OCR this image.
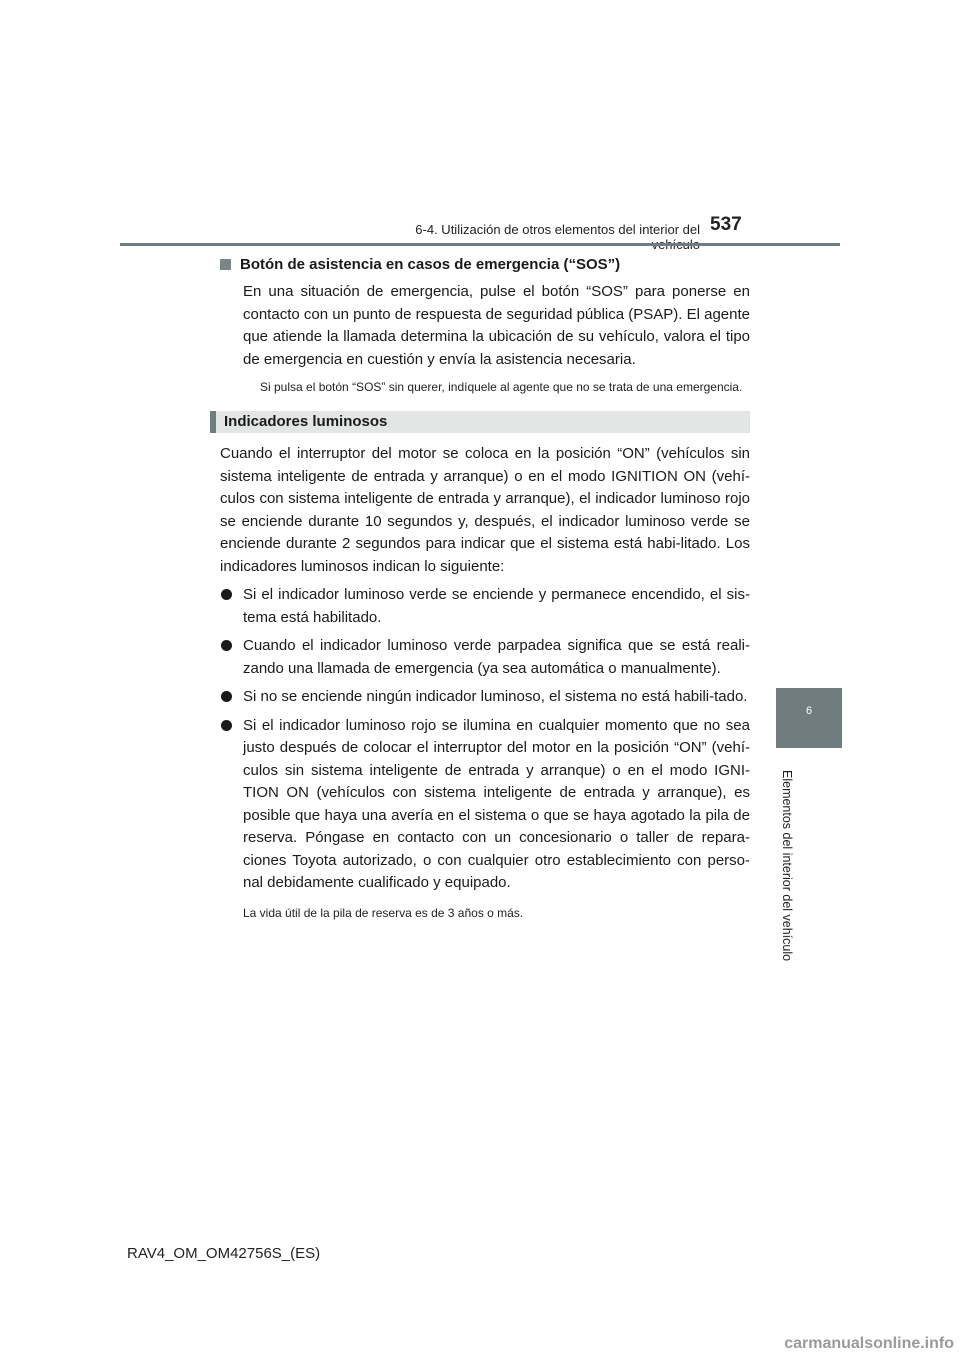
6-4. Utilización de otros elementos del interior del 537
6
Elementos del interior del vehículo
Botón de asistencia en casos de emergencia (“SOS”)

En una situación de emergencia, pulse el botón “SOS” para ponerse en contacto con un punto de respuesta de seguridad pública (PSAP). El agente que atiende la llamada determina la ubicación de su vehículo, valora el tipo de emergencia en cuestión y envía la asistencia necesaria.

Si pulsa el botón “SOS” sin querer, indíquele al agente que no se trata de una emergencia.
Indicadores luminosos

Cuando el interruptor del motor se coloca en la posición “ON” (vehículos sin sistema inteligente de entrada y arranque) o en el modo IGNITION ON (vehí-culos con sistema inteligente de entrada y arranque), el indicador luminoso rojo se enciende durante 10 segundos y, después, el indicador luminoso verde se enciende durante 2 segundos para indicar que el sistema está habi-litado. Los indicadores luminosos indican lo siguiente:

Si el indicador luminoso verde se enciende y permanece encendido, el sis-tema está habilitado.

Cuando el indicador luminoso verde parpadea significa que se está reali-zando una llamada de emergencia (ya sea automática o manualmente).

Si no se enciende ningún indicador luminoso, el sistema no está habili-tado.

Si el indicador luminoso rojo se ilumina en cualquier momento que no sea justo después de colocar el interruptor del motor en la posición “ON” (vehí-culos sin sistema inteligente de entrada y arranque) o en el modo IGNI-TION ON (vehículos con sistema inteligente de entrada y arranque), es posible que haya una avería en el sistema o que se haya agotado la pila de reserva. Póngase en contacto con un concesionario o taller de repara-ciones Toyota autorizado, o con cualquier otro establecimiento con perso-nal debidamente cualificado y equipado.

La vida útil de la pila de reserva es de 3 años o más.
RAV4_OM_OM42756S_(ES)
carmanualsonline.info
